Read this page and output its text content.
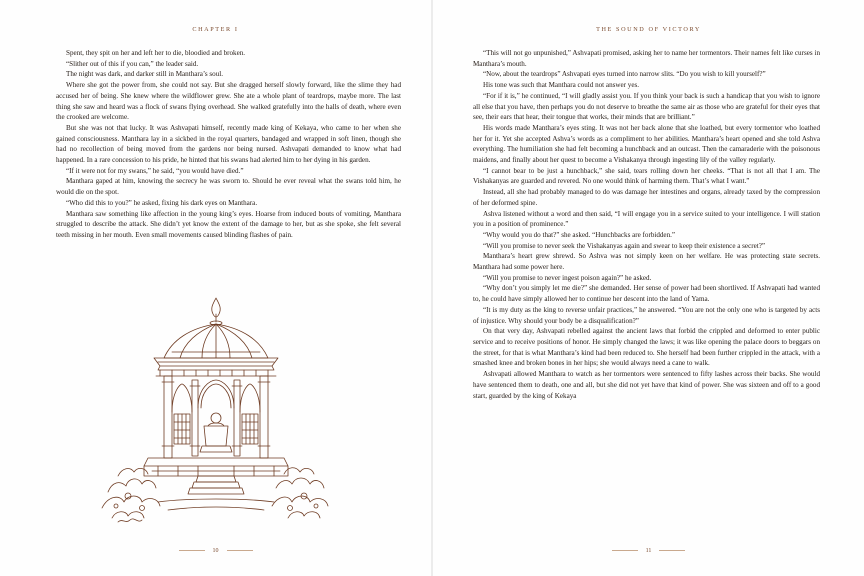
CHAPTER I

Spent, they spit on her and left her to die, bloodied and broken.

“Slither out of this if you can,” the leader said.

The night was dark, and darker still in Manthara’s soul.

Where she got the power from, she could not say. But she dragged herself slowly forward, like the slime they had accused her of being. She knew where the wildflower grew. She ate a whole plant of teardrops, maybe more. The last thing she saw and heard was a flock of swans flying overhead. She walked gratefully into the halls of death, where even the crooked are welcome.

But she was not that lucky. It was Ashvapati himself, recently made king of Kekaya, who came to her when she gained consciousness. Manthara lay in a sickbed in the royal quarters, bandaged and wrapped in soft linen, though she had no recollection of being moved from the gardens nor being nursed. Ashvapati demanded to know what had happened. In a rare concession to his pride, he hinted that his swans had alerted him to her dying in his garden.

“If it were not for my swans,” he said, “you would have died.”

Manthara gaped at him, knowing the secrecy he was sworn to. Should he ever reveal what the swans told him, he would die on the spot.

“Who did this to you?” he asked, fixing his dark eyes on Manthara.

Manthara saw something like affection in the young king’s eyes. Hoarse from induced bouts of vomiting, Manthara struggled to describe the attack. She didn’t yet know the extent of the damage to her, but as she spoke, she felt several teeth missing in her mouth. Even small movements caused blinding flashes of pain.

10
THE SOUND OF VICTORY

“This will not go unpunished,” Ashvapati promised, asking her to name her tormentors. Their names felt like curses in Manthara’s mouth.

“Now, about the teardrops” Ashvapati eyes turned into narrow slits. “Do you wish to kill yourself?”

His tone was such that Manthara could not answer yes.

“For if it is,” he continued, “I will gladly assist you. If you think your back is such a handicap that you wish to ignore all else that you have, then perhaps you do not deserve to breathe the same air as those who are grateful for their eyes that see, their ears that hear, their tongue that works, their minds that are brilliant.”

His words made Manthara’s eyes sting. It was not her back alone that she loathed, but every tormentor who loathed her for it. Yet she accepted Ashva’s words as a compliment to her abilities. Manthara’s heart opened and she told Ashva everything. The humiliation she had felt becoming a hunchback and an outcast. Then the camaraderie with the poisonous maidens, and finally about her quest to become a Vishakanya through ingesting lily of the valley regularly.

“I cannot bear to be just a hunchback,” she said, tears rolling down her cheeks. “That is not all that I am. The Vishakanyas are guarded and revered. No one would think of harming them. That’s what I want.”

Instead, all she had probably managed to do was damage her intestines and organs, already taxed by the compression of her deformed spine.

Ashva listened without a word and then said, “I will engage you in a service suited to your intelligence. I will station you in a position of prominence.”

“Why would you do that?” she asked. “Hunchbacks are forbidden.”

“Will you promise to never seek the Vishakanyas again and swear to keep their existence a secret?”

Manthara’s heart grew shrewd. So Ashva was not simply keen on her welfare. He was protecting state secrets. Manthara had some power here.

“Will you promise to never ingest poison again?” he asked.

“Why don’t you simply let me die?” she demanded. Her sense of power had been shortlived. If Ashvapati had wanted to, he could have simply allowed her to continue her descent into the land of Yama.

“It is my duty as the king to reverse unfair practices,” he answered. “You are not the only one who is targeted by acts of injustice. Why should your body be a disqualification?”

On that very day, Ashvapati rebelled against the ancient laws that forbid the crippled and deformed to enter public service and to receive positions of honor. He simply changed the laws; it was like opening the palace doors to beggars on the street, for that is what Manthara’s kind had been reduced to. She herself had been further crippled in the attack, with a smashed knee and broken bones in her hips; she would always need a cane to walk.

Ashvapati allowed Manthara to watch as her tormentors were sentenced to fifty lashes across their backs. She would have sentenced them to death, one and all, but she did not yet have that kind of power. She was sixteen and off to a good start, guarded by the king of Kekaya

11
